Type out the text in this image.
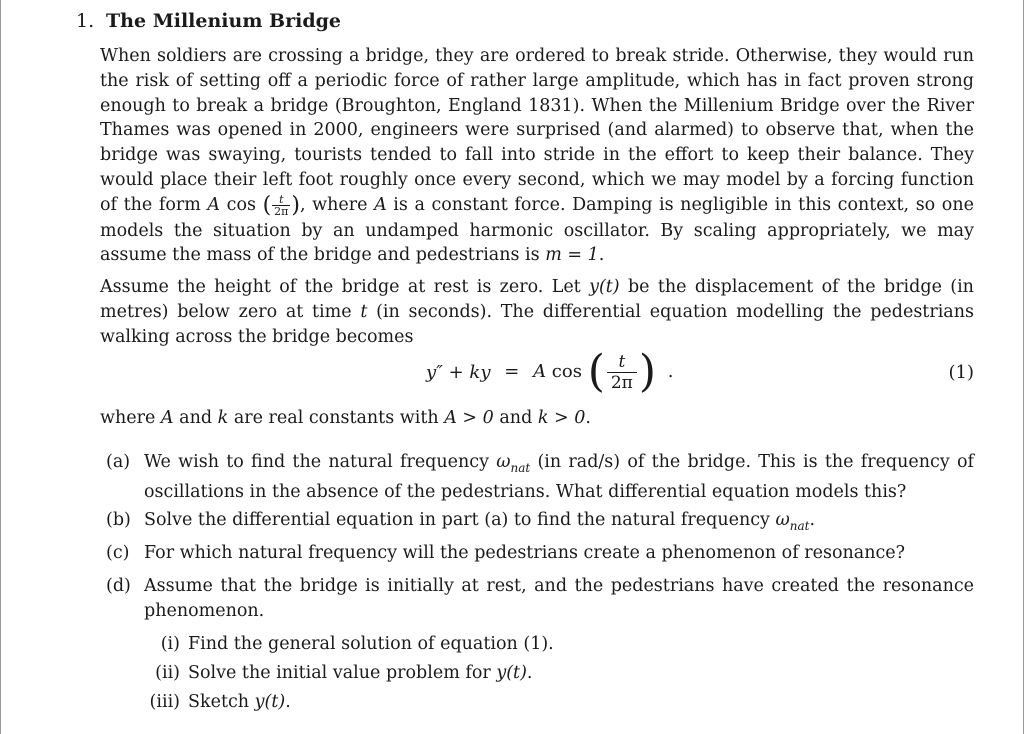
1. The Millenium Bridge
When soldiers are crossing a bridge, they are ordered to break stride. Otherwise, they would run the risk of setting off a periodic force of rather large amplitude, which has in fact proven strong enough to break a bridge (Broughton, England 1831). When the Millenium Bridge over the River Thames was opened in 2000, engineers were surprised (and alarmed) to observe that, when the bridge was swaying, tourists tended to fall into stride in the effort to keep their balance. They would place their left foot roughly once every second, which we may model by a forcing function of the form A cos ( $\frac{t}{2\pi}$ ), where A is a constant force. Damping is negligible in this context, so one models the situation by an undamped harmonic oscillator. By scaling appropriately, we may assume the mass of the bridge and pedestrians is m = 1.
Assume the height of the bridge at rest is zero. Let y(t) be the displacement of the bridge (in metres) below zero at time t (in seconds). The differential equation modelling the pedestrians walking across the bridge becomes
y″ + ky = A cos ( $\frac{t}{2\pi}$ ) .	(1)
where A and k are real constants with A > 0 and k > 0.
(a) We wish to find the natural frequency $\omega_{nat}$ (in rad/s) of the bridge. This is the frequency of oscillations in the absence of the pedestrians. What differential equation models this?
(b) Solve the differential equation in part (a) to find the natural frequency $\omega_{nat}$.
(c) For which natural frequency will the pedestrians create a phenomenon of resonance?
(d) Assume that the bridge is initially at rest, and the pedestrians have created the resonance phenomenon.
(i) Find the general solution of equation (1).
(ii) Solve the initial value problem for y(t).
(iii) Sketch y(t).
